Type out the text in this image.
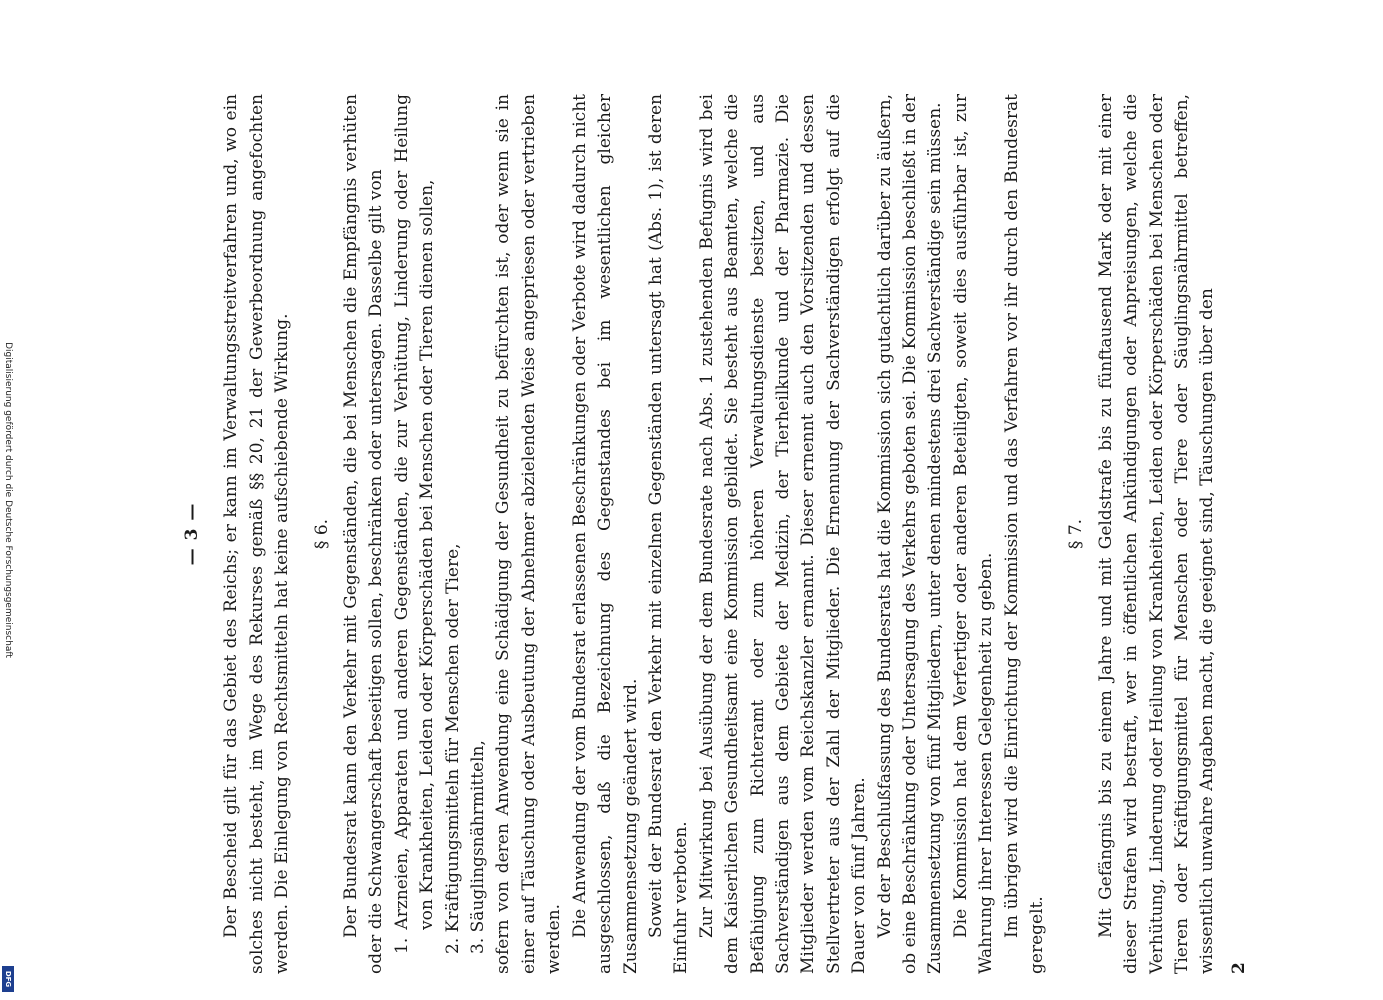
Digitalisierung gefördert durch die Deutsche Forschungsgemeinschaft
DFG
— 3 — Der Bescheid gilt für das Gebiet des Reichs; er kann im Verwaltungsstreitverfahren und, wo ein solches nicht besteht, im Wege des Rekurses gemäß §§ 20, 21 der Gewerbeordnung angefochten werden. Die Einlegung von Rechtsmitteln hat keine aufschiebende Wirkung. § 6. Der Bundesrat kann den Verkehr mit Gegenständen, die bei Menschen die Empfängnis verhüten oder die Schwangerschaft beseitigen sollen, beschränken oder untersagen. Dasselbe gilt von 1. Arzneien, Apparaten und anderen Gegenständen, die zur Verhütung, Linderung oder Heilung von Krankheiten, Leiden oder Körperschäden bei Menschen oder Tieren dienen sollen, 2. Kräftigungsmitteln für Menschen oder Tiere, 3. Säuglingsnährmitteln, sofern von deren Anwendung eine Schädigung der Gesundheit zu befürchten ist, oder wenn sie in einer auf Täuschung oder Ausbeutung der Abnehmer abzielenden Weise angepriesen oder vertrieben werden.

Die Anwendung der vom Bundesrat erlassenen Beschränkungen oder Verbote wird dadurch nicht ausgeschlossen, daß die Bezeichnung des Gegenstandes bei im wesentlichen gleicher Zusammensetzung geändert wird. Soweit der Bundesrat den Verkehr mit einzelnen Gegenständen untersagt hat (Abs. 1), ist deren Einfuhr verboten. Zur Mitwirkung bei Ausübung der dem Bundesrate nach Abs. 1 zustehenden Befugnis wird bei dem Kaiserlichen Gesundheitsamt eine Kommission gebildet. Sie besteht aus Beamten, welche die Befähigung zum Richteramt oder zum höheren Verwaltungsdienste besitzen, und aus Sachverständigen aus dem Gebiete der Medizin, der Tierheilkunde und der Pharmazie. Die Mitglieder werden vom Reichskanzler ernannt. Dieser ernennt auch den Vorsitzenden und dessen Stellvertreter aus der Zahl der Mitglieder. Die Ernennung der Sachverständigen erfolgt auf die Dauer von fünf Jahren. Vor der Beschlußfassung des Bundesrats hat die Kommission sich gutachtlich darüber zu äußern, ob eine Beschränkung oder Untersagung des Verkehrs geboten sei. Die Kommission beschließt in der Zusammensetzung von fünf Mitgliedern, unter denen mindestens drei Sachverständige sein müssen. Die Kommission hat dem Verfertiger oder anderen Beteiligten, soweit dies ausführbar ist, zur Wahrung ihrer Interessen Gelegenheit zu geben. Im übrigen wird die Einrichtung der Kommission und das Verfahren vor ihr durch den Bundesrat geregelt.

§ 7. Mit Gefängnis bis zu einem Jahre und mit Geldstrafe bis zu fünftausend Mark oder mit einer dieser Strafen wird bestraft, wer in öffentlichen Ankündigungen oder Anpreisungen, welche die Verhütung, Linderung oder Heilung von Krankheiten, Leiden oder Körperschäden bei Menschen oder Tieren oder Kräftigungsmittel für Menschen oder Tiere oder Säuglingsnährmittel betreffen, wissentlich unwahre Angaben macht, die geeignet sind, Täuschungen über den 2
